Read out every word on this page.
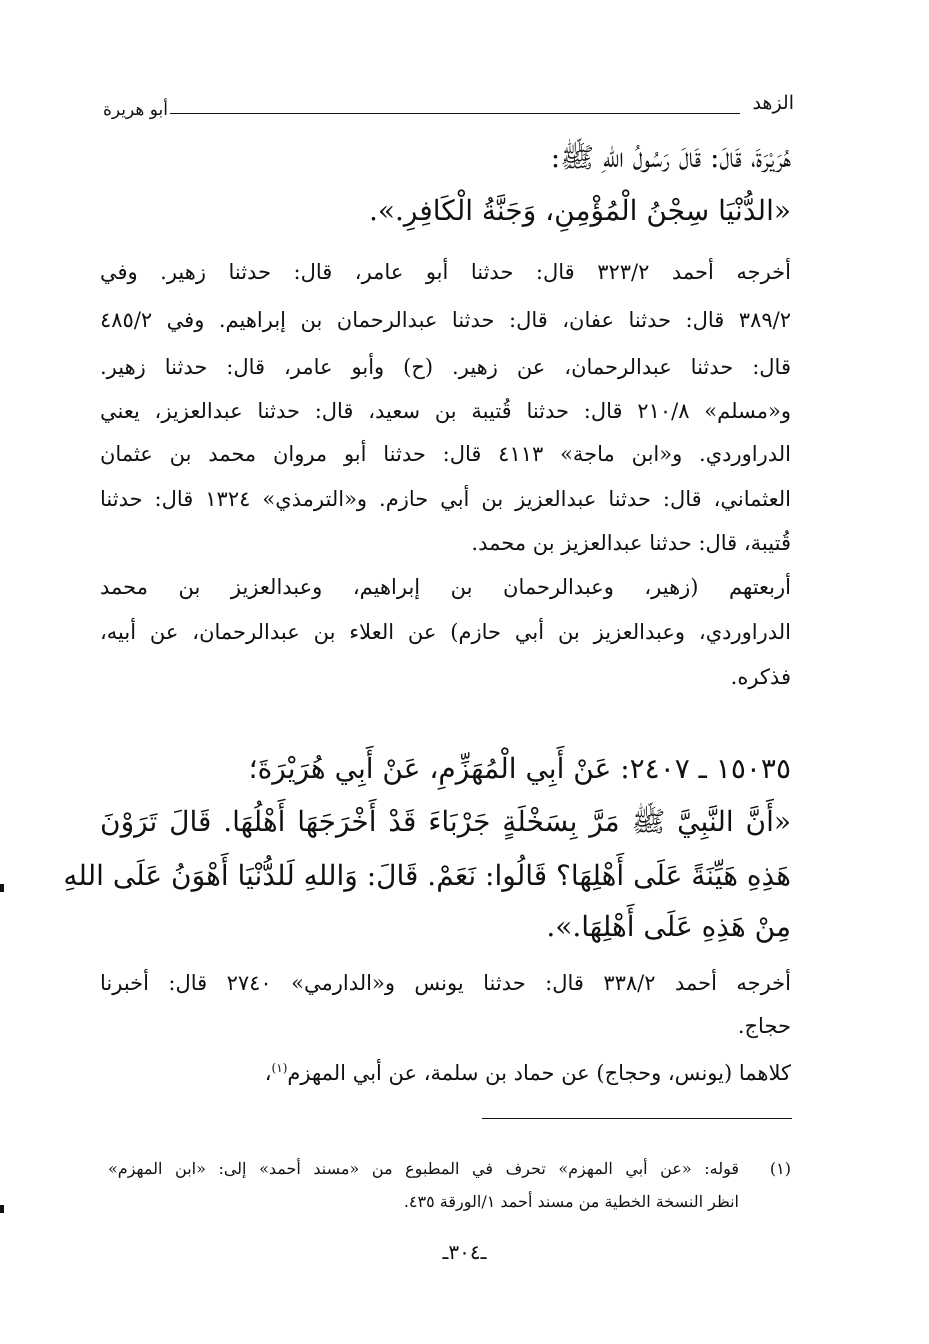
الزهد
أبو هريرة
هُرَيْرَةَ، قَالَ: قَالَ رَسُولُ اللهِ ﷺ:
«الدُّنْيَا سِجْنُ الْمُؤْمِنِ، وَجَنَّةُ الْكَافِرِ.».
أخرجه أحمد ٣٢٣/٢ قال: حدثنا أبو عامر، قال: حدثنا زهير. وفي
٣٨٩/٢ قال: حدثنا عفان، قال: حدثنا عبدالرحمان بن إبراهيم. وفي ٤٨٥/٢
قال: حدثنا عبدالرحمان، عن زهير. (ح) وأبو عامر، قال: حدثنا زهير.
و«مسلم» ٢١٠/٨ قال: حدثنا قُتيبة بن سعيد، قال: حدثنا عبدالعزيز، يعني
الدراوردي. و«ابن ماجة» ٤١١٣ قال: حدثنا أبو مروان محمد بن عثمان
العثماني، قال: حدثنا عبدالعزيز بن أبي حازم. و«الترمذي» ١٣٢٤ قال: حدثنا
قُتيبة، قال: حدثنا عبدالعزيز بن محمد.
أربعتهم (زهير، وعبدالرحمان بن إبراهيم، وعبدالعزيز بن محمد
الدراوردي، وعبدالعزيز بن أبي حازم) عن العلاء بن عبدالرحمان، عن أبيه،
فذكره.
١٥٠٣٥ ـ ٢٤٠٧: عَنْ أَبِي الْمُهَزِّمِ، عَنْ أَبِي هُرَيْرَةَ؛
«أَنَّ النَّبِيَّ ﷺ مَرَّ بِسَخْلَةٍ جَرْبَاءَ قَدْ أَخْرَجَهَا أَهْلُهَا. قَالَ تَرَوْنَ
هَذِهِ هَيِّنَةً عَلَى أَهْلِهَا؟ قَالُوا: نَعَمْ. قَالَ: وَاللهِ لَلدُّنْيَا أَهْوَنُ عَلَى اللهِ
مِنْ هَذِهِ عَلَى أَهْلِهَا.».
أخرجه أحمد ٣٣٨/٢ قال: حدثنا يونس و«الدارمي» ٢٧٤٠ قال: أخبرنا
حجاج.
كلاهما (يونس، وحجاج) عن حماد بن سلمة، عن أبي المهزم$^{(١)}$،
(١)
قوله: «عن أبي المهزم» تحرف في المطبوع من «مسند أحمد» إلى: «ابن المهزم»
انظر النسخة الخطية من مسند أحمد ١/الورقة ٤٣٥.
ـ٣٠٤ـ
